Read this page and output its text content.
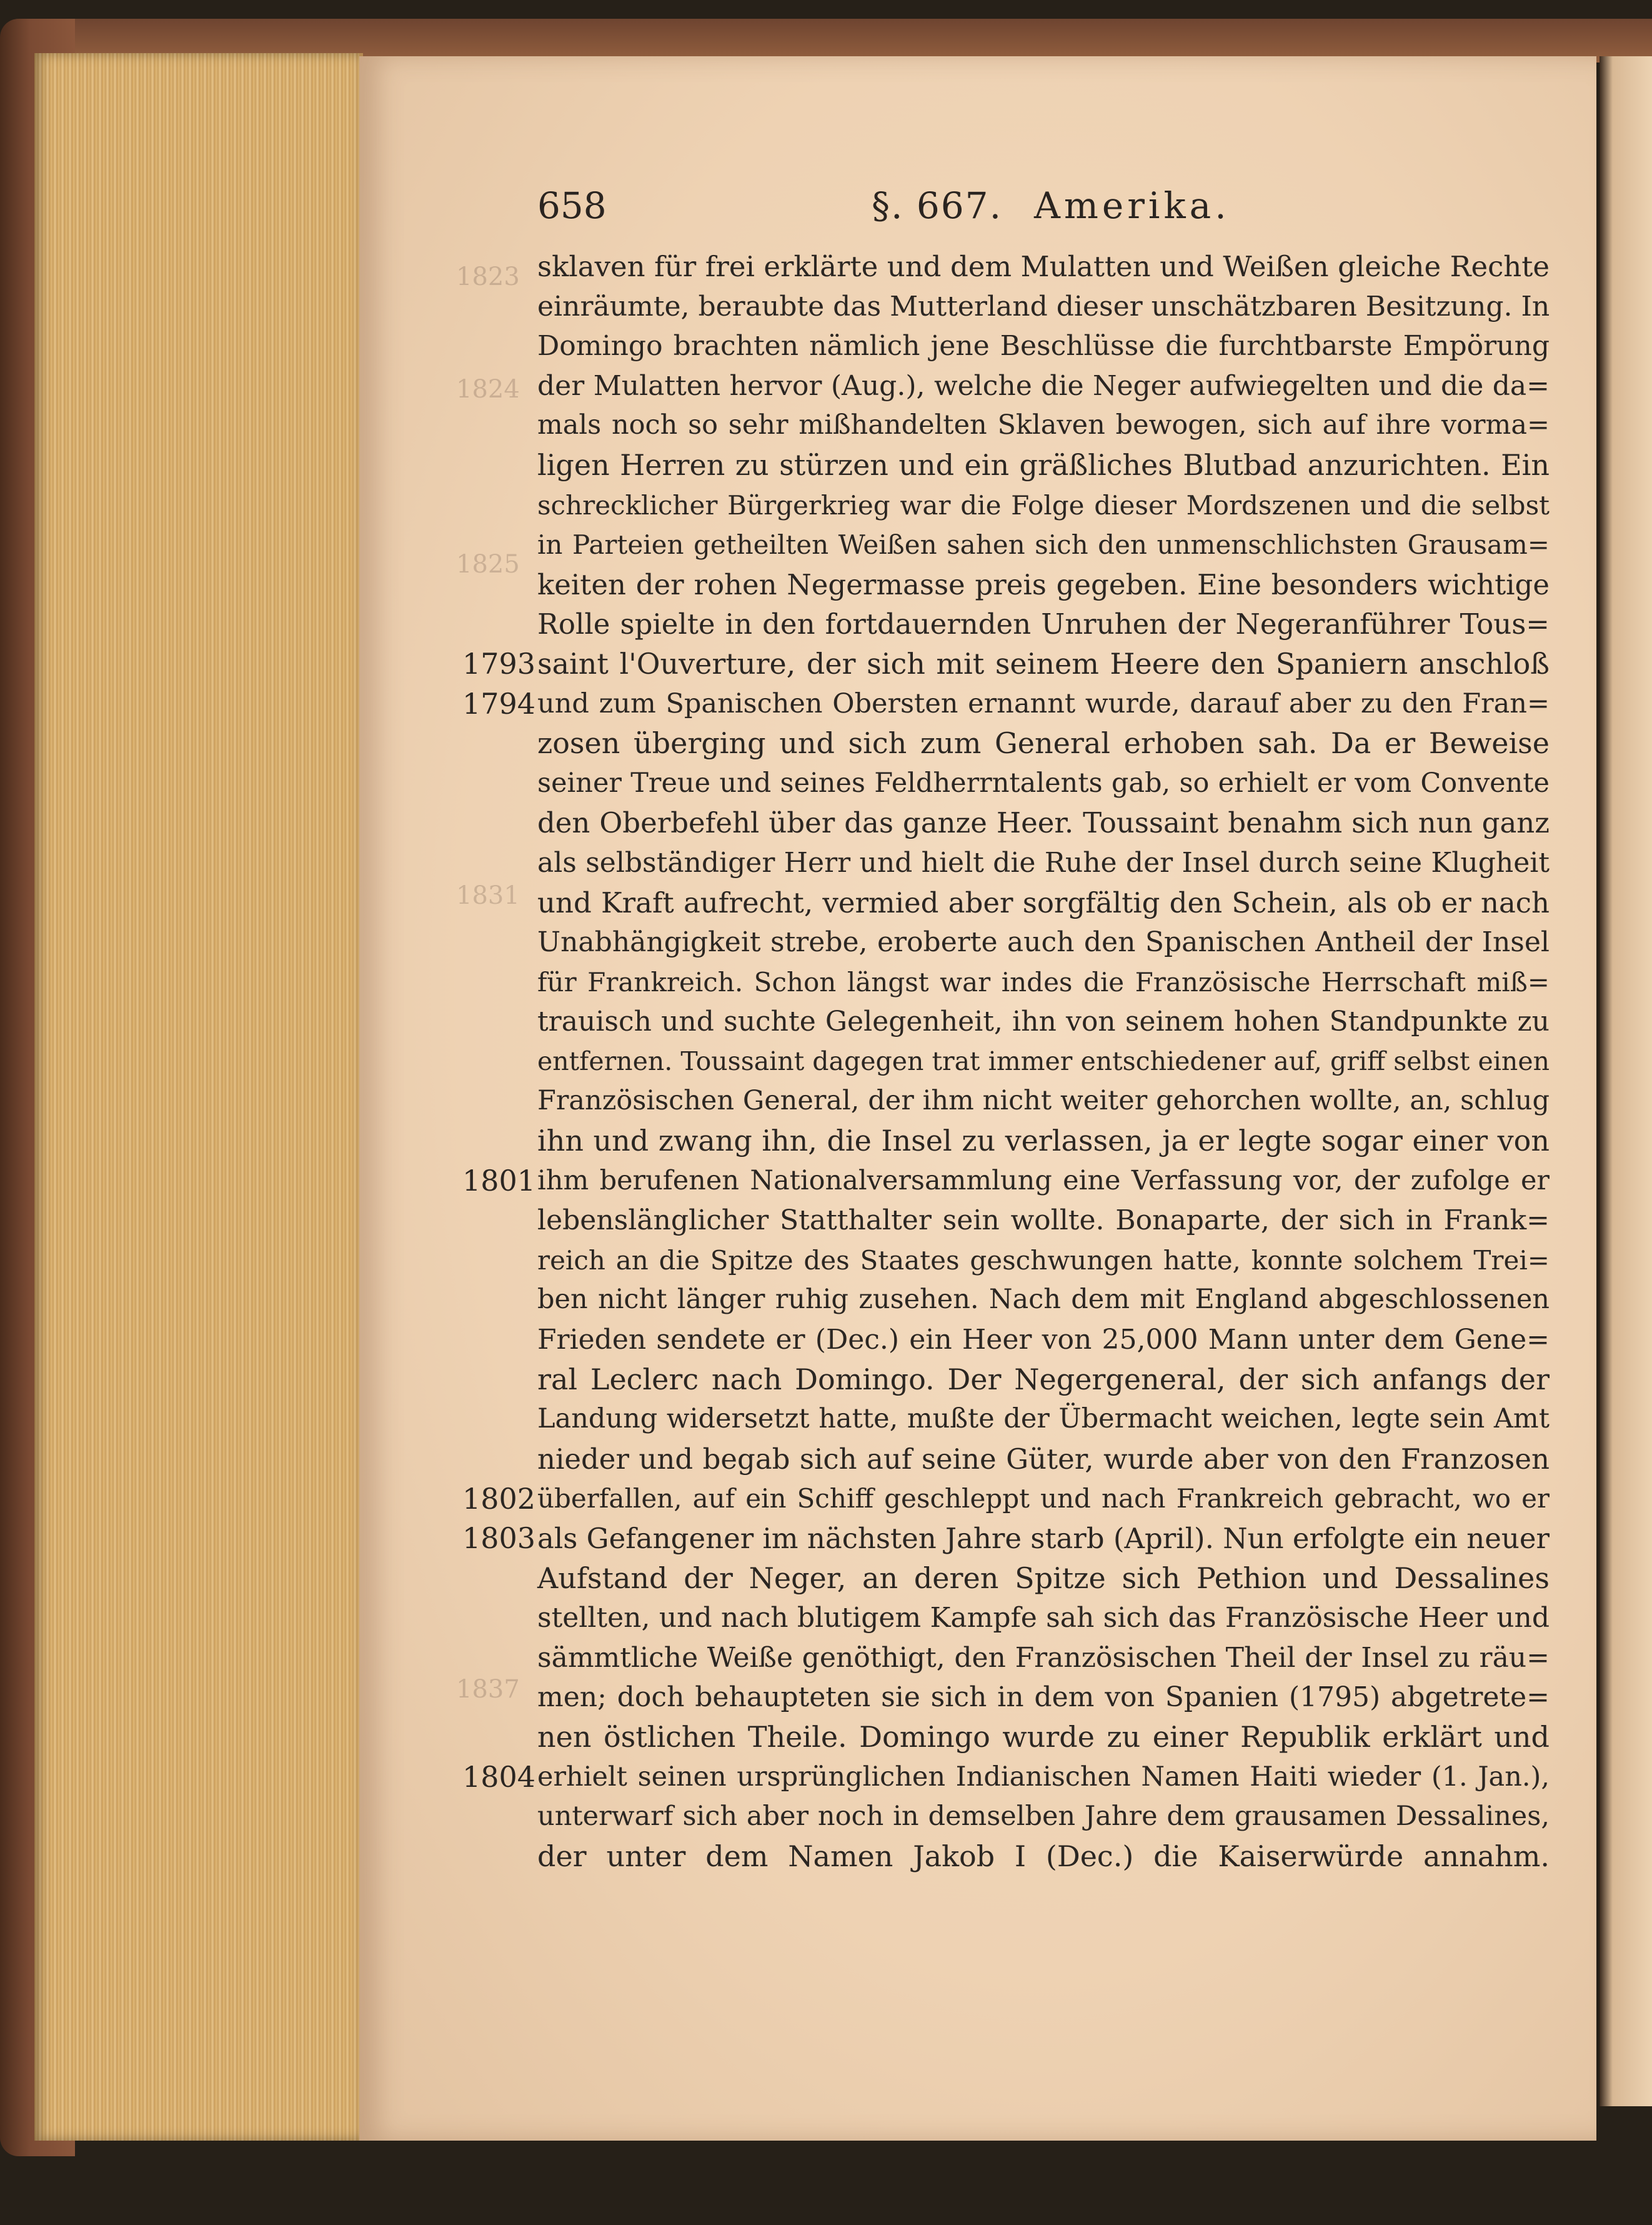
1823
1824
1825
1831
1837
658	§. 667. Amerika.
1793
1794
1801
1802
1803
1804
sklaven für frei erklärte und dem Mulatten und Weißen gleiche Rechte
einräumte, beraubte das Mutterland dieser unschätzbaren Besitzung. In
Domingo brachten nämlich jene Beschlüsse die furchtbarste Empörung
der Mulatten hervor (Aug.), welche die Neger aufwiegelten und die da=
mals noch so sehr mißhandelten Sklaven bewogen, sich auf ihre vorma=
ligen Herren zu stürzen und ein gräßliches Blutbad anzurichten. Ein
schrecklicher Bürgerkrieg war die Folge dieser Mordszenen und die selbst
in Parteien getheilten Weißen sahen sich den unmenschlichsten Grausam=
keiten der rohen Negermasse preis gegeben. Eine besonders wichtige
Rolle spielte in den fortdauernden Unruhen der Negeranführer Tous=
saint l'Ouverture, der sich mit seinem Heere den Spaniern anschloß
und zum Spanischen Obersten ernannt wurde, darauf aber zu den Fran=
zosen überging und sich zum General erhoben sah. Da er Beweise
seiner Treue und seines Feldherrntalents gab, so erhielt er vom Convente
den Oberbefehl über das ganze Heer. Toussaint benahm sich nun ganz
als selbständiger Herr und hielt die Ruhe der Insel durch seine Klugheit
und Kraft aufrecht, vermied aber sorgfältig den Schein, als ob er nach
Unabhängigkeit strebe, eroberte auch den Spanischen Antheil der Insel
für Frankreich. Schon längst war indes die Französische Herrschaft miß=
trauisch und suchte Gelegenheit, ihn von seinem hohen Standpunkte zu
entfernen. Toussaint dagegen trat immer entschiedener auf, griff selbst einen
Französischen General, der ihm nicht weiter gehorchen wollte, an, schlug
ihn und zwang ihn, die Insel zu verlassen, ja er legte sogar einer von
ihm berufenen Nationalversammlung eine Verfassung vor, der zufolge er
lebenslänglicher Statthalter sein wollte. Bonaparte, der sich in Frank=
reich an die Spitze des Staates geschwungen hatte, konnte solchem Trei=
ben nicht länger ruhig zusehen. Nach dem mit England abgeschlossenen
Frieden sendete er (Dec.) ein Heer von 25,000 Mann unter dem Gene=
ral Leclerc nach Domingo. Der Negergeneral, der sich anfangs der
Landung widersetzt hatte, mußte der Übermacht weichen, legte sein Amt
nieder und begab sich auf seine Güter, wurde aber von den Franzosen
überfallen, auf ein Schiff geschleppt und nach Frankreich gebracht, wo er
als Gefangener im nächsten Jahre starb (April). Nun erfolgte ein neuer
Aufstand der Neger, an deren Spitze sich Pethion und Dessalines
stellten, und nach blutigem Kampfe sah sich das Französische Heer und
sämmtliche Weiße genöthigt, den Französischen Theil der Insel zu räu=
men; doch behaupteten sie sich in dem von Spanien (1795) abgetrete=
nen östlichen Theile. Domingo wurde zu einer Republik erklärt und
erhielt seinen ursprünglichen Indianischen Namen Haiti wieder (1. Jan.),
unterwarf sich aber noch in demselben Jahre dem grausamen Dessalines,
der unter dem Namen Jakob I (Dec.) die Kaiserwürde annahm.
